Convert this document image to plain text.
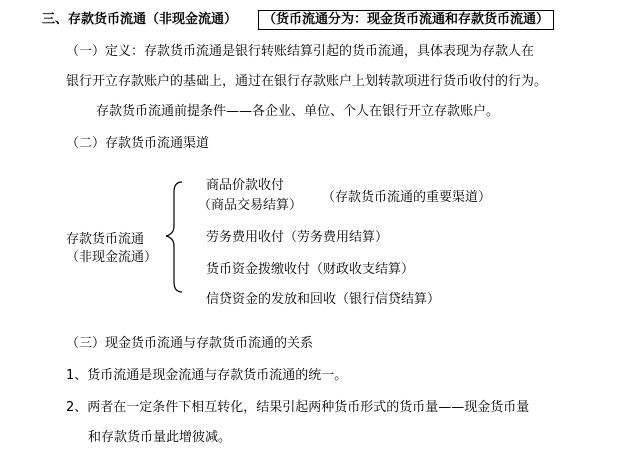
三、存款货币流通（非现金流通）	（货币流通分为：现金货币流通和存款货币流通）
（一）定义：存款货币流通是银行转账结算引起的货币流通，具体表现为存款人在
银行开立存款账户的基础上，通过在银行存款账户上划转款项进行货币收付的行为。
存款货币流通前提条件——各企业、单位、个人在银行开立存款账户。
（二）存款货币流通渠道
存款货币流通
（非现金流通）
商品价款收付
（商品交易结算）
（存款货币流通的重要渠道）
劳务费用收付（劳务费用结算）
货币资金拨缴收付（财政收支结算）
信贷资金的发放和回收（银行信贷结算）
（三）现金货币流通与存款货币流通的关系
1、货币流通是现金流通与存款货币流通的统一。
2、两者在一定条件下相互转化，结果引起两种货币形式的货币量——现金货币量
和存款货币量此增彼减。
